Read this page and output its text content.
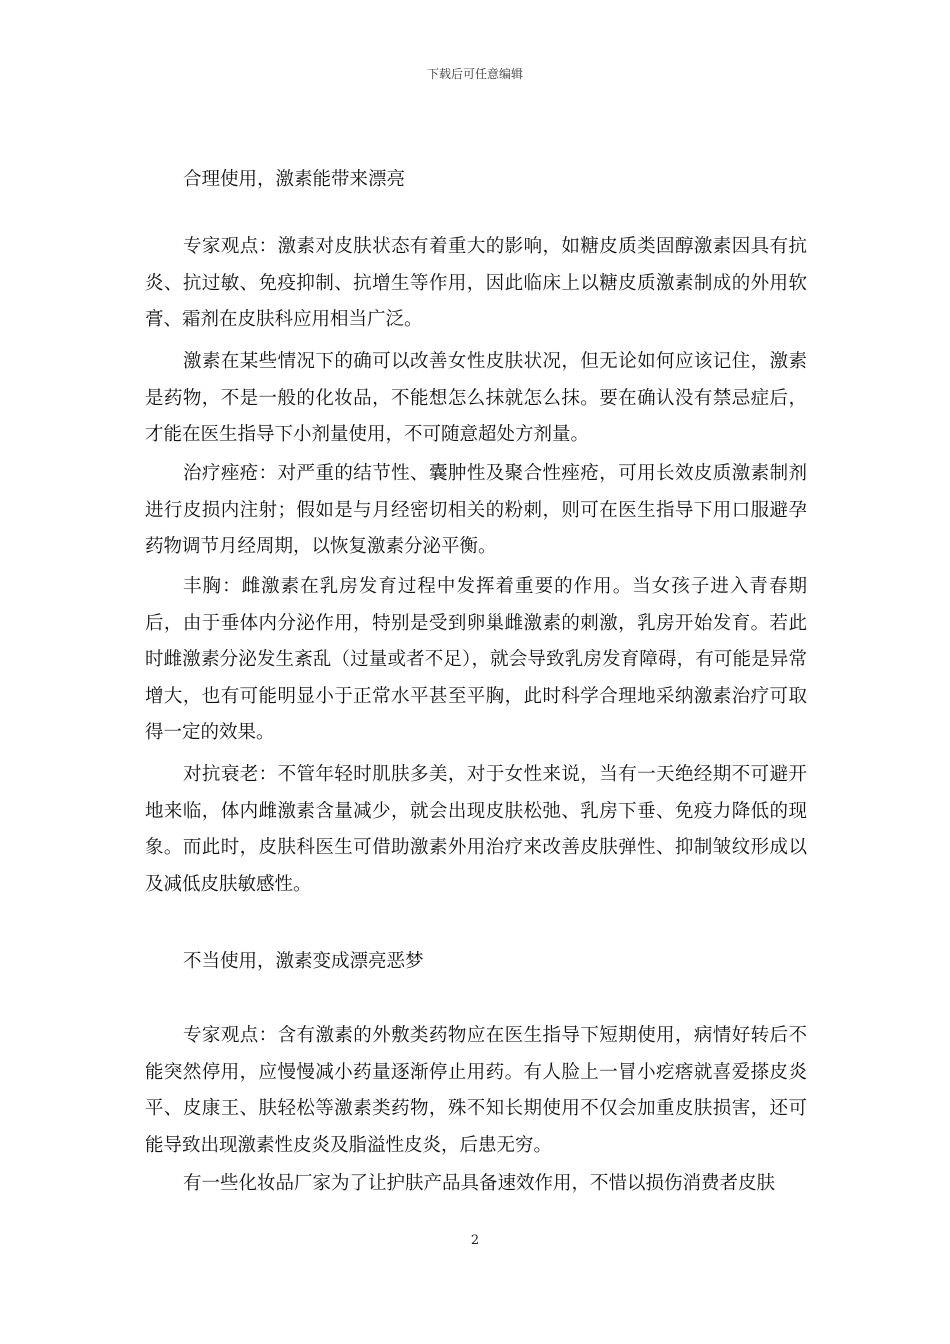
下载后可任意编辑

合理使用，激素能带来漂亮

专家观点：激素对皮肤状态有着重大的影响，如糖皮质类固醇激素因具有抗炎、抗过敏、免疫抑制、抗增生等作用，因此临床上以糖皮质激素制成的外用软膏、霜剂在皮肤科应用相当广泛。

激素在某些情况下的确可以改善女性皮肤状况，但无论如何应该记住，激素是药物，不是一般的化妆品，不能想怎么抹就怎么抹。要在确认没有禁忌症后，才能在医生指导下小剂量使用，不可随意超处方剂量。

治疗痤疮：对严重的结节性、囊肿性及聚合性痤疮，可用长效皮质激素制剂进行皮损内注射；假如是与月经密切相关的粉刺，则可在医生指导下用口服避孕药物调节月经周期，以恢复激素分泌平衡。

丰胸：雌激素在乳房发育过程中发挥着重要的作用。当女孩子进入青春期后，由于垂体内分泌作用，特别是受到卵巢雌激素的刺激，乳房开始发育。若此时雌激素分泌发生紊乱（过量或者不足），就会导致乳房发育障碍，有可能是异常增大，也有可能明显小于正常水平甚至平胸，此时科学合理地采纳激素治疗可取得一定的效果。

对抗衰老：不管年轻时肌肤多美，对于女性来说，当有一天绝经期不可避开地来临，体内雌激素含量减少，就会出现皮肤松弛、乳房下垂、免疫力降低的现象。而此时，皮肤科医生可借助激素外用治疗来改善皮肤弹性、抑制皱纹形成以及减低皮肤敏感性。

不当使用，激素变成漂亮恶梦

专家观点：含有激素的外敷类药物应在医生指导下短期使用，病情好转后不能突然停用，应慢慢减小药量逐渐停止用药。有人脸上一冒小疙瘩就喜爱搽皮炎平、皮康王、肤轻松等激素类药物，殊不知长期使用不仅会加重皮肤损害，还可能导致出现激素性皮炎及脂溢性皮炎，后患无穷。

有一些化妆品厂家为了让护肤产品具备速效作用，不惜以损伤消费者皮肤

2
